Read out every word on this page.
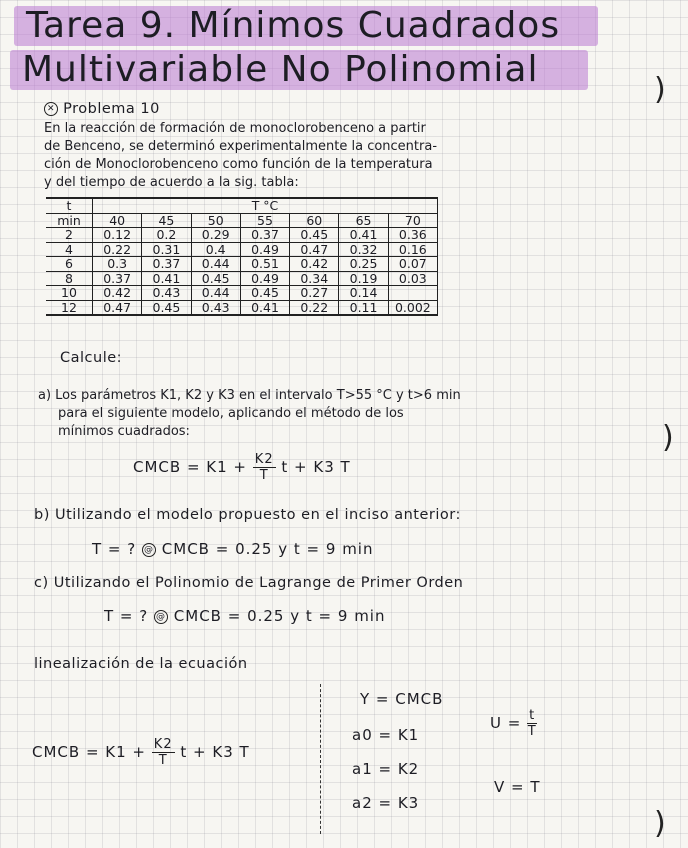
Tarea 9. Mínimos Cuadrados
Multivariable No Polinomial	)
✕ Problema 10
En la reacción de formación de monoclorobenceno a partir
de Benceno, se determinó experimentalmente la concentra-
ción de Monoclorobenceno como función de la temperatura
y del tiempo de acuerdo a la sig. tabla:
t	T °C						
min	40	45	50	55	60	65	70
2	0.12	0.2	0.29	0.37	0.45	0.41	0.36
4	0.22	0.31	0.4	0.49	0.47	0.32	0.16
6	0.3	0.37	0.44	0.51	0.42	0.25	0.07
8	0.37	0.41	0.45	0.49	0.34	0.19	0.03
10	0.42	0.43	0.44	0.45	0.27	0.14	
12	0.47	0.45	0.43	0.41	0.22	0.11	0.002
Calcule:
a) Los parámetros K1, K2 y K3 en el intervalo T>55 °C y t>6 min
para el siguiente modelo, aplicando el método de los
mínimos cuadrados:
CMCB = $K1 + \frac{K2}{T}$ t + K3 T
)
b) Utilizando el modelo propuesto en el inciso anterior:
T = ? @ CMCB = 0.25 y t = 9 min
c) Utilizando el Polinomio de Lagrange de Primer Orden
T = ? @ CMCB = 0.25 y t = 9 min
linealización de la ecuación
CMCB = $K1 + \frac{K2}{T}$ t + K3 T
Y = CMCB
a0 = K1
a1 = K2
a2 = K3
$U = \frac{t}{T}$
V = T
)
